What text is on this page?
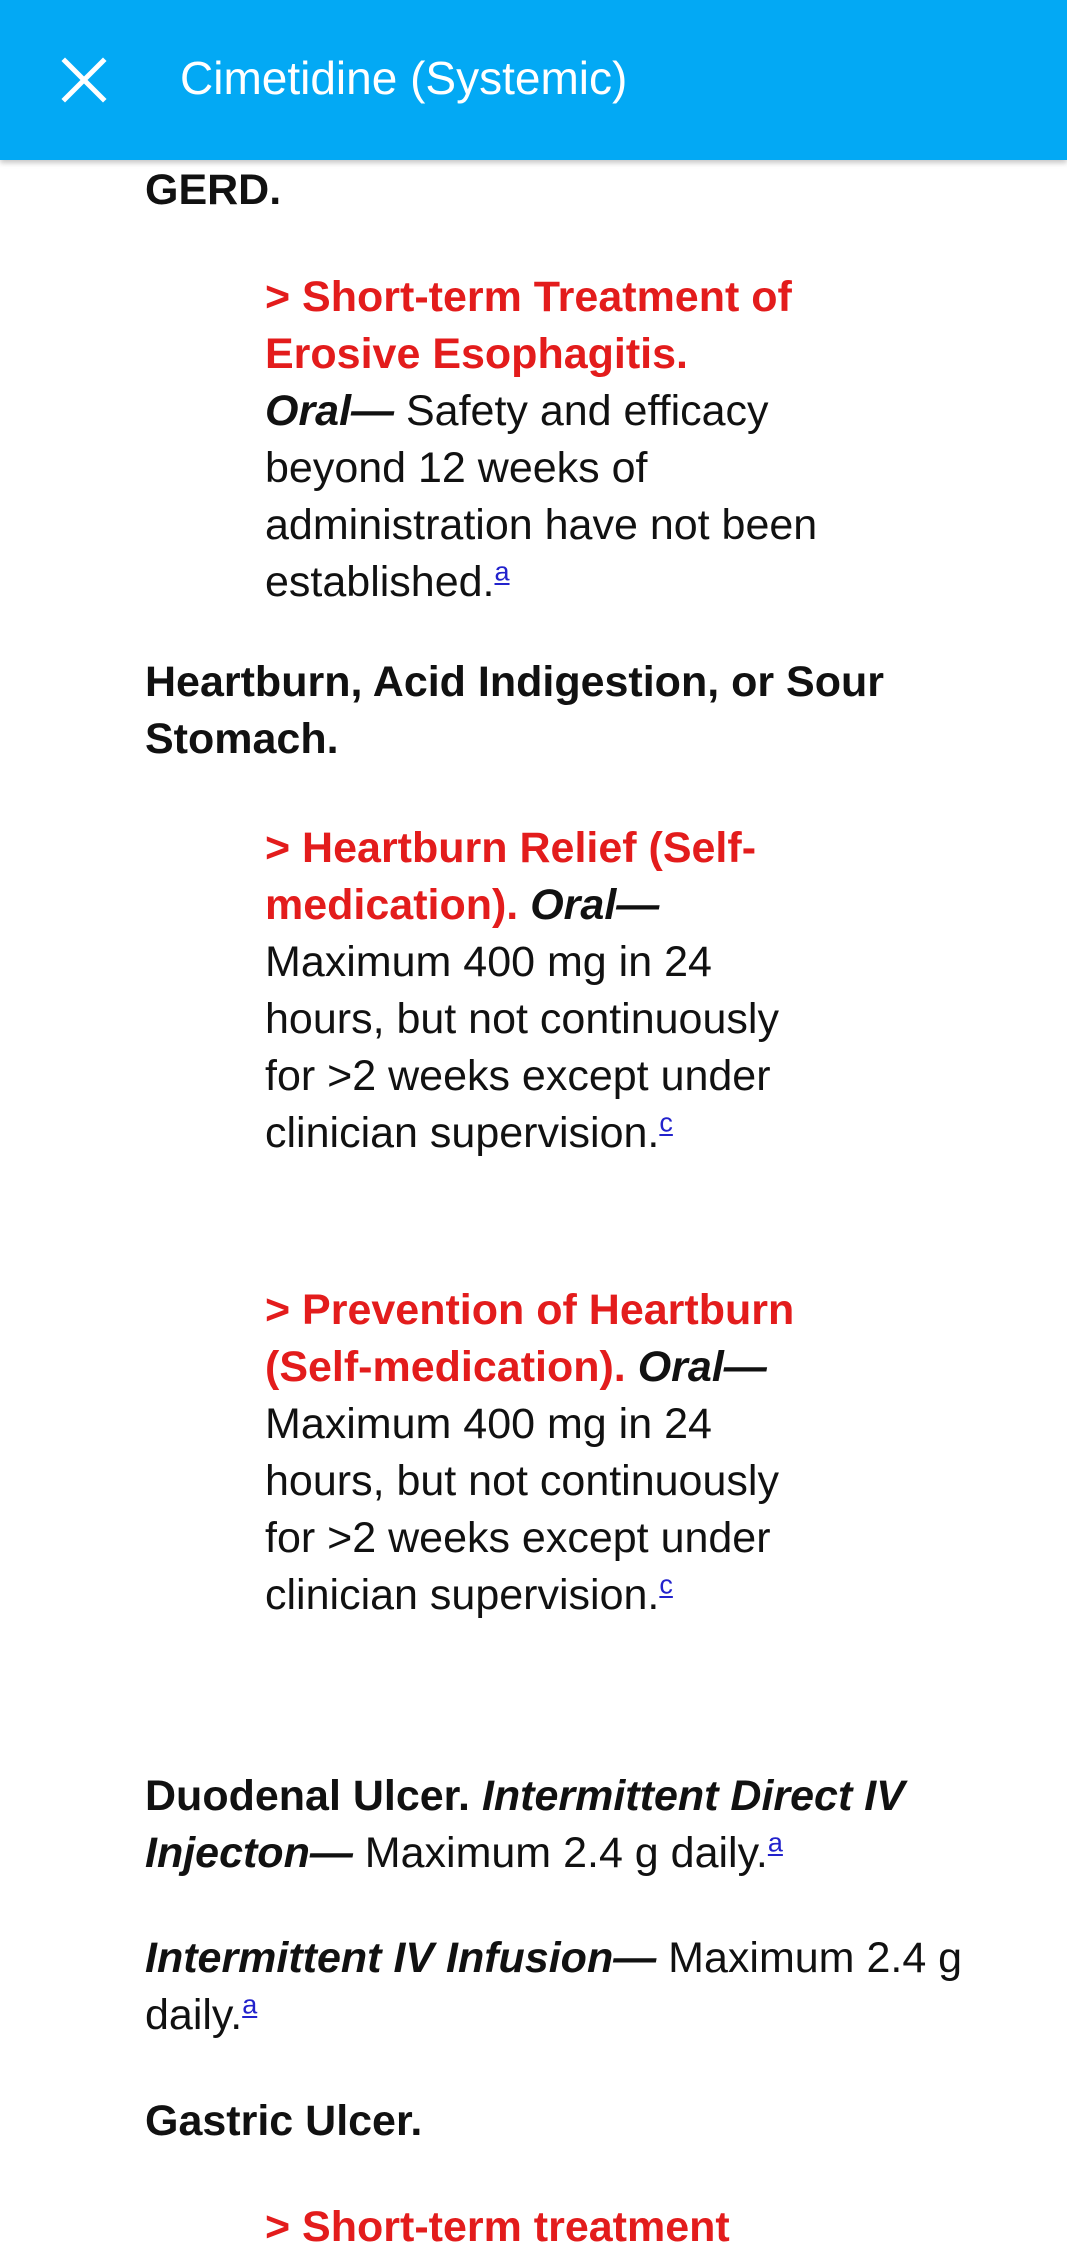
Cimetidine (Systemic)

GERD.

> Short-term Treatment of Erosive Esophagitis.
Oral— Safety and efficacy beyond 12 weeks of administration have not been established.$^a$

Heartburn, Acid Indigestion, or Sour Stomach.

> Heartburn Relief (Self-medication). Oral— Maximum 400 mg in 24 hours, but not continuously for >2 weeks except under clinician supervision.$^c$

> Prevention of Heartburn (Self-medication). Oral— Maximum 400 mg in 24 hours, but not continuously for >2 weeks except under clinician supervision.$^c$

Duodenal Ulcer. Intermittent Direct IV Injecton— Maximum 2.4 g daily.$^a$

Intermittent IV Infusion— Maximum 2.4 g daily.$^a$

Gastric Ulcer.

> Short-term treatment
